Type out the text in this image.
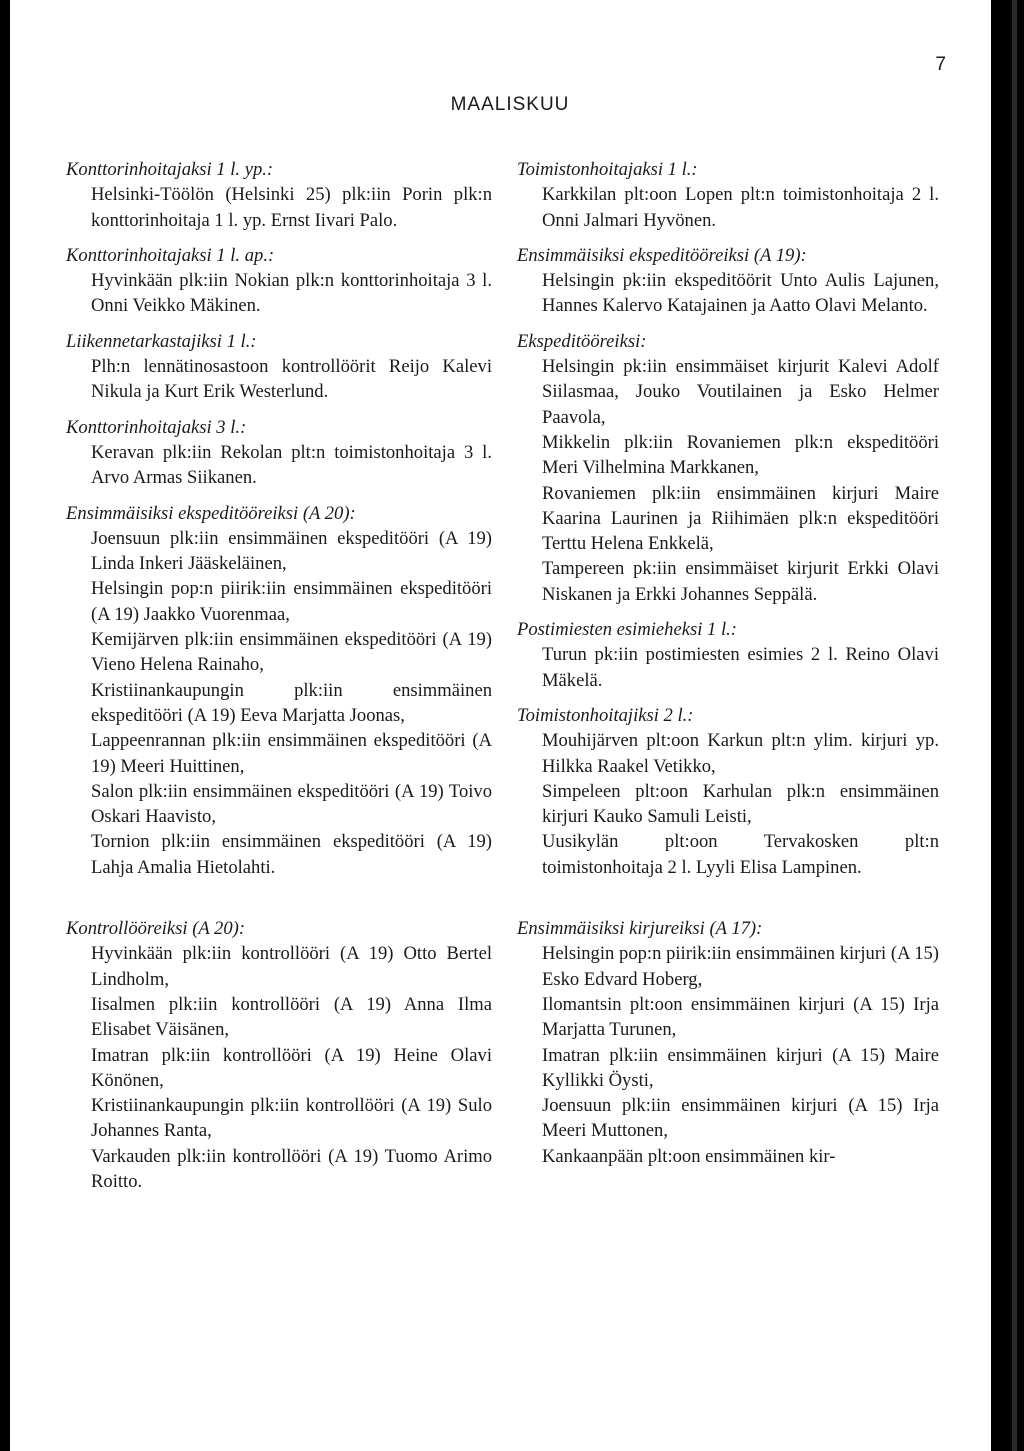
7
MAALISKUU
Konttorinhoitajaksi 1 l. yp.:

Helsinki-Töölön (Helsinki 25) plk:iin Porin plk:n konttorinhoitaja 1 l. yp. Ernst Iivari Palo.

Konttorinhoitajaksi 1 l. ap.:

Hyvinkään plk:iin Nokian plk:n konttorinhoitaja 3 l. Onni Veikko Mäkinen.

Liikennetarkastajiksi 1 l.:

Plh:n lennätinosastoon kontrollöörit Reijo Kalevi Nikula ja Kurt Erik Westerlund.

Konttorinhoitajaksi 3 l.:

Keravan plk:iin Rekolan plt:n toimistonhoitaja 3 l. Arvo Armas Siikanen.

Ensimmäisiksi ekspeditööreiksi (A 20):

Joensuun plk:iin ensimmäinen ekspeditööri (A 19) Linda Inkeri Jääskeläinen,

Helsingin pop:n piirik:iin ensimmäinen ekspeditööri (A 19) Jaakko Vuorenmaa,

Kemijärven plk:iin ensimmäinen ekspeditööri (A 19) Vieno Helena Rainaho,

Kristiinankaupungin plk:iin ensimmäinen ekspeditööri (A 19) Eeva Marjatta Joonas,

Lappeenrannan plk:iin ensimmäinen ekspeditööri (A 19) Meeri Huittinen,

Salon plk:iin ensimmäinen ekspeditööri (A 19) Toivo Oskari Haavisto,

Tornion plk:iin ensimmäinen ekspeditööri (A 19) Lahja Amalia Hietolahti.

Kontrollööreiksi (A 20):

Hyvinkään plk:iin kontrollööri (A 19) Otto Bertel Lindholm,

Iisalmen plk:iin kontrollööri (A 19) Anna Ilma Elisabet Väisänen,

Imatran plk:iin kontrollööri (A 19) Heine Olavi Könönen,

Kristiinankaupungin plk:iin kontrollööri (A 19) Sulo Johannes Ranta,

Varkauden plk:iin kontrollööri (A 19) Tuomo Arimo Roitto.

Toimistonhoitajaksi 1 l.:

Karkkilan plt:oon Lopen plt:n toimistonhoitaja 2 l. Onni Jalmari Hyvönen.

Ensimmäisiksi ekspeditööreiksi (A 19):

Helsingin pk:iin ekspeditöörit Unto Aulis Lajunen, Hannes Kalervo Katajainen ja Aatto Olavi Melanto.

Ekspeditööreiksi:

Helsingin pk:iin ensimmäiset kirjurit Kalevi Adolf Siilasmaa, Jouko Voutilainen ja Esko Helmer Paavola,

Mikkelin plk:iin Rovaniemen plk:n ekspeditööri Meri Vilhelmina Markkanen,

Rovaniemen plk:iin ensimmäinen kirjuri Maire Kaarina Laurinen ja Riihimäen plk:n ekspeditööri Terttu Helena Enkkelä,

Tampereen pk:iin ensimmäiset kirjurit Erkki Olavi Niskanen ja Erkki Johannes Seppälä.

Postimiesten esimieheksi 1 l.:

Turun pk:iin postimiesten esimies 2 l. Reino Olavi Mäkelä.

Toimistonhoitajiksi 2 l.:

Mouhijärven plt:oon Karkun plt:n ylim. kirjuri yp. Hilkka Raakel Vetikko,

Simpeleen plt:oon Karhulan plk:n ensimmäinen kirjuri Kauko Samuli Leisti,

Uusikylän plt:oon Tervakosken plt:n toimistonhoitaja 2 l. Lyyli Elisa Lampinen.

Ensimmäisiksi kirjureiksi (A 17):

Helsingin pop:n piirik:iin ensimmäinen kirjuri (A 15) Esko Edvard Hoberg,

Ilomantsin plt:oon ensimmäinen kirjuri (A 15) Irja Marjatta Turunen,

Imatran plk:iin ensimmäinen kirjuri (A 15) Maire Kyllikki Öysti,

Joensuun plk:iin ensimmäinen kirjuri (A 15) Irja Meeri Muttonen,

Kankaanpään plt:oon ensimmäinen kir-
